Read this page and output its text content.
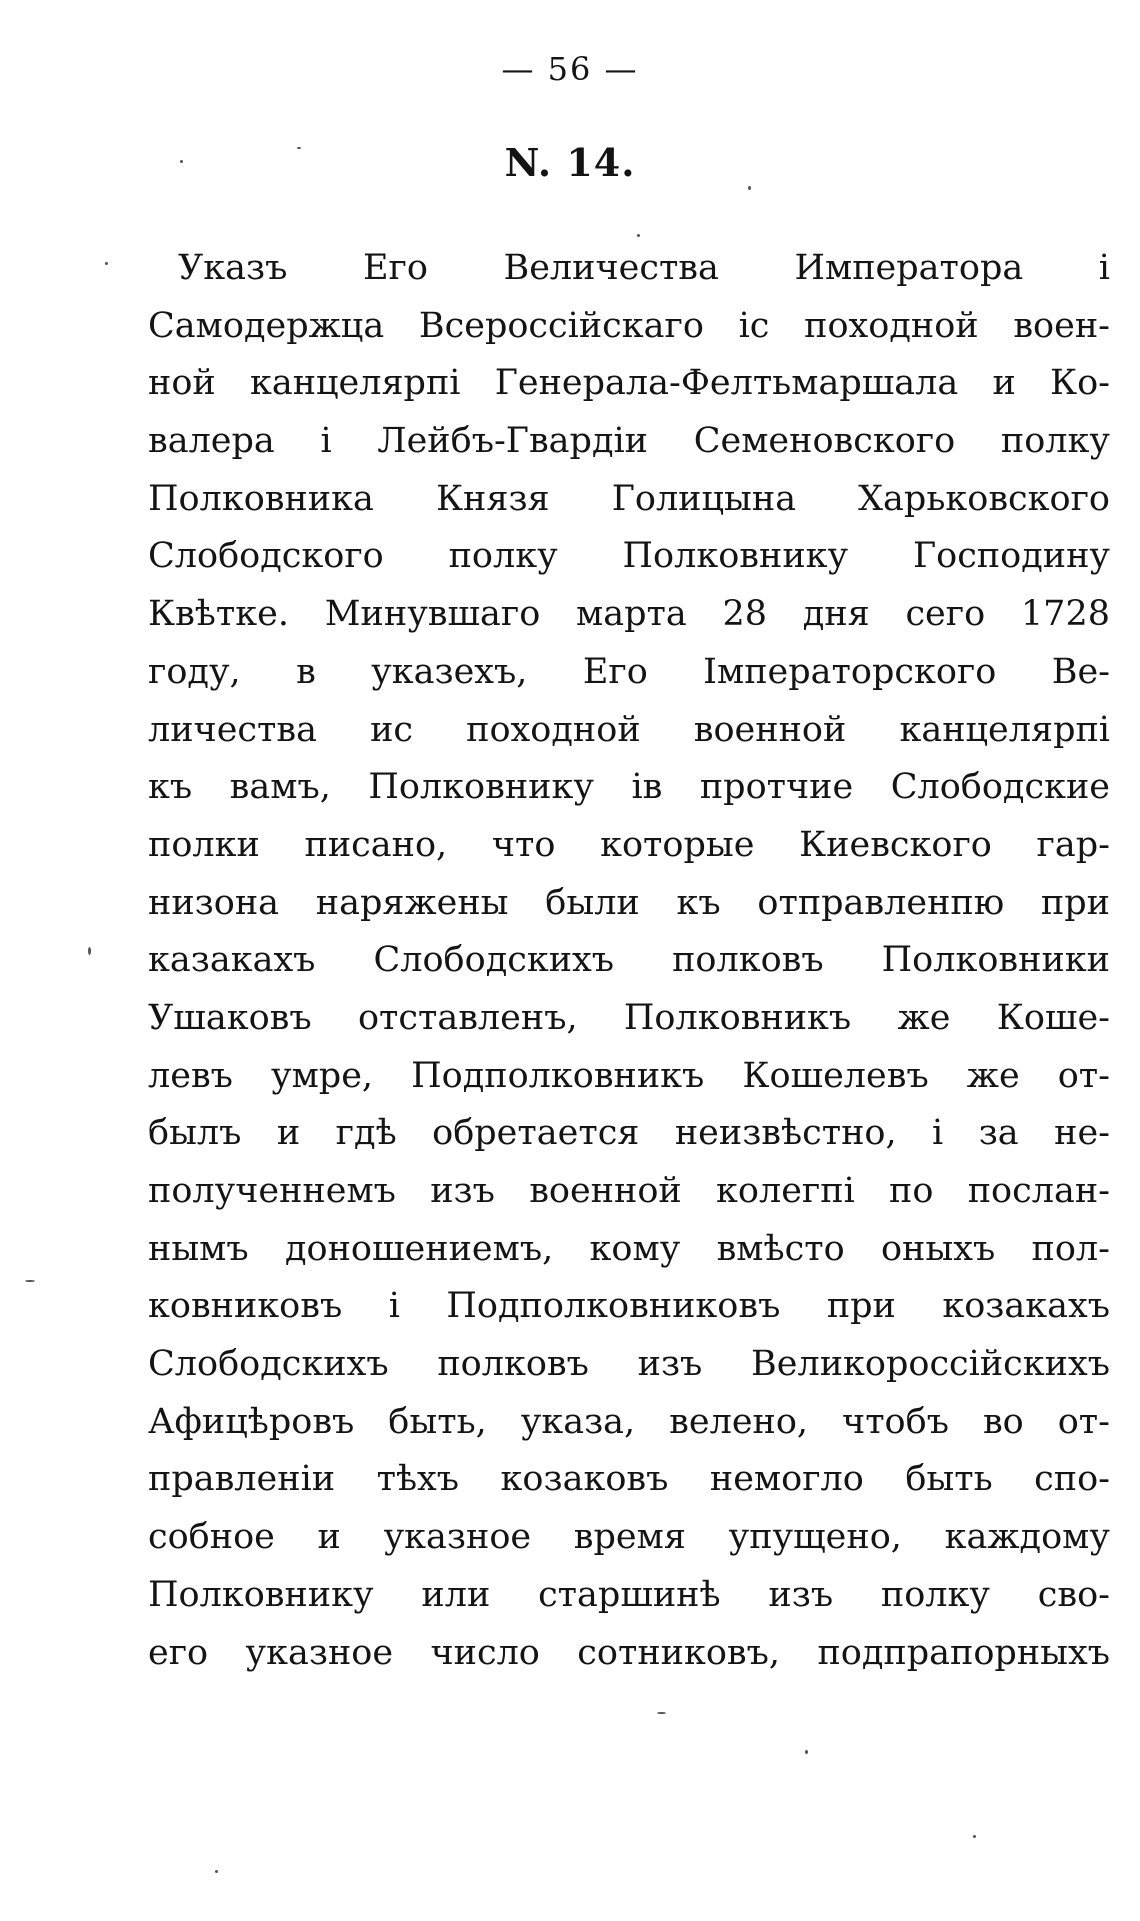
— 56 —
N. 14.
Указъ Его Величества Императора і
Самодержца Всероссійскаго іс походной воен-
ной канцелярпі Генерала-Фелтьмаршала и Ко-
валера і Лейбъ-Гвардіи Семеновского полку
Полковника Князя Голицына Харьковского
Слободского полку Полковнику Господину
Квѣтке. Минувшаго марта 28 дня сего 1728
году, в указехъ, Его Імператорского Ве-
личества ис походной военной канцелярпі
къ вамъ, Полковнику ів протчие Слободские
полки писано, что которые Киевского гар-
низона наряжены были къ отправленпю при
казакахъ Слободскихъ полковъ Полковники
Ушаковъ отставленъ, Полковникъ же Коше-
левъ умре, Подполковникъ Кошелевъ же от-
былъ и гдѣ обретается неизвѣстно, і за не-
полученнемъ изъ военной колегпі по послан-
нымъ доношениемъ, кому вмѣсто оныхъ пол-
ковниковъ і Подполковниковъ при козакахъ
Слободскихъ полковъ изъ Великороссійскихъ
Афицѣровъ быть, указа, велено, чтобъ во от-
правленіи тѣхъ козаковъ немогло быть спо-
собное и указное время упущено, каждому
Полковнику или старшинѣ изъ полку сво-
его указное число сотниковъ, подпрапорныхъ
